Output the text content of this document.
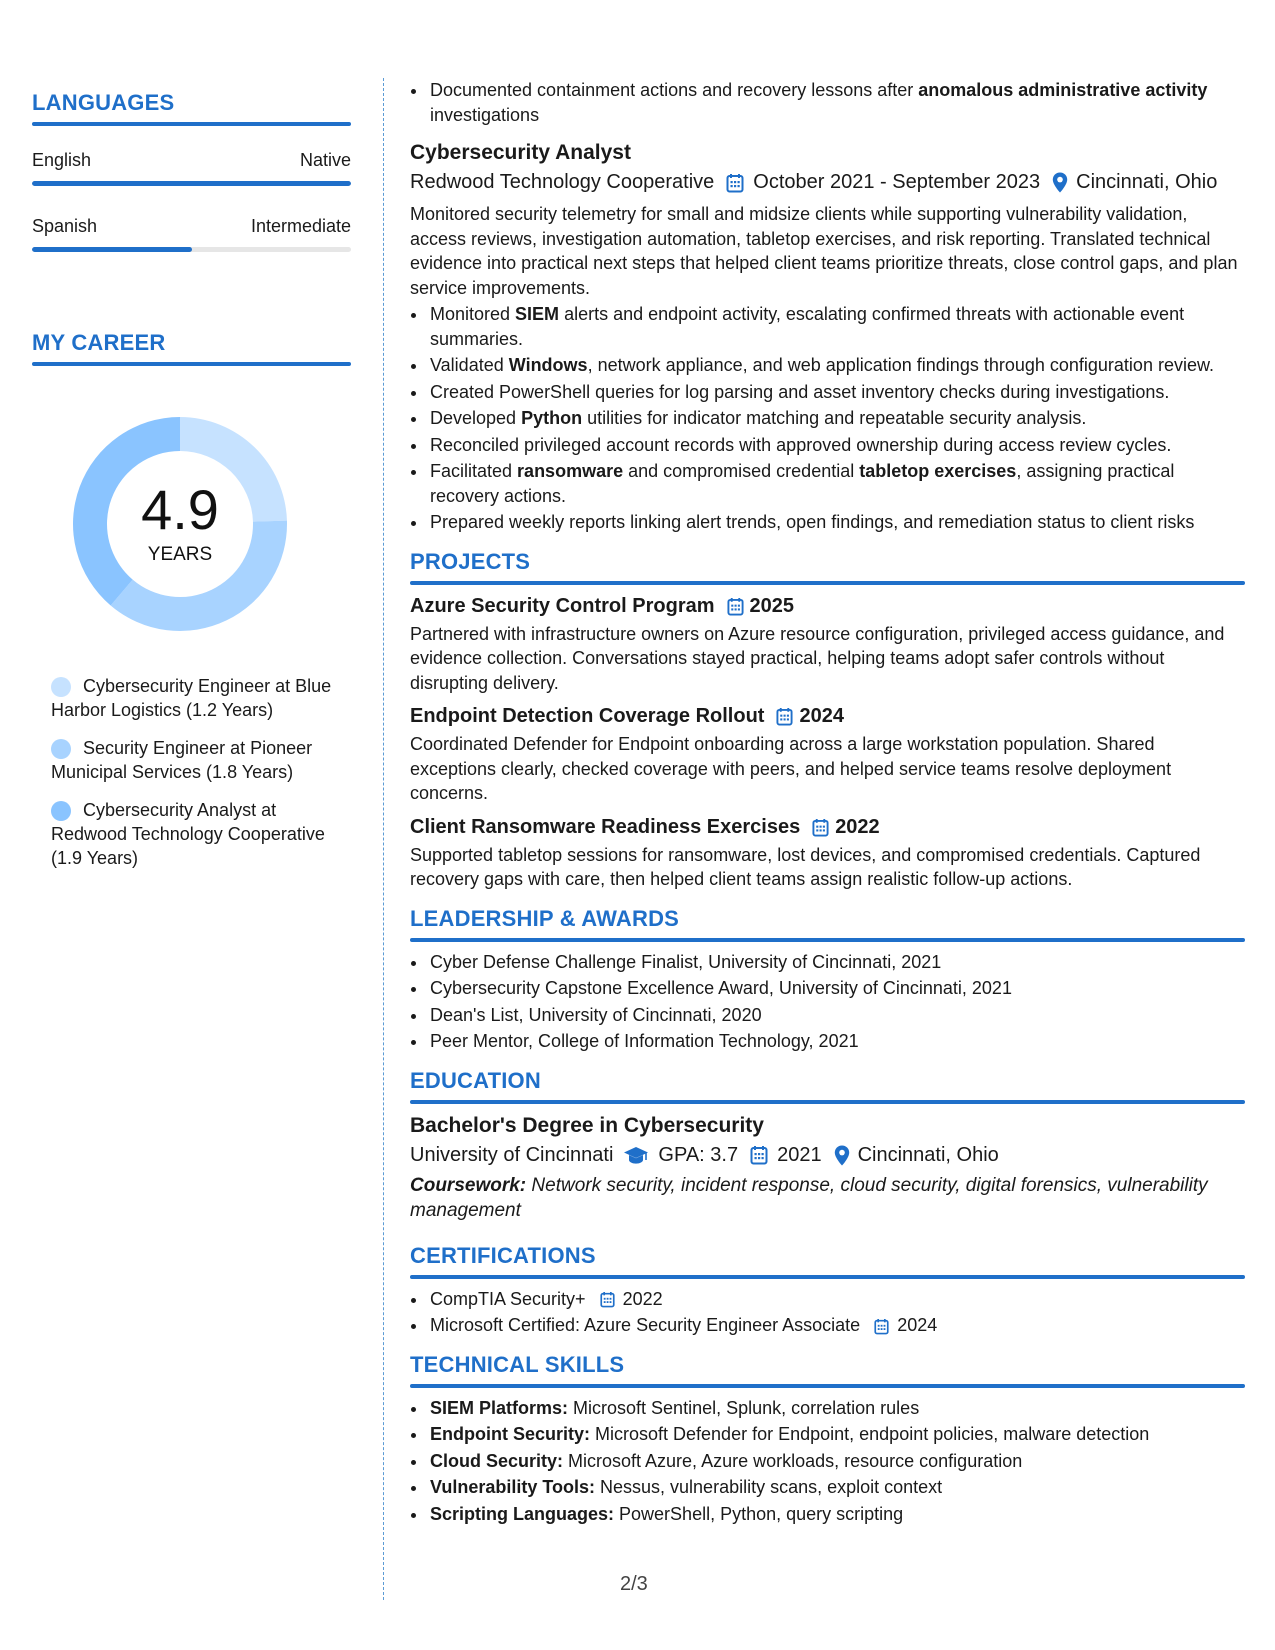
LANGUAGES
English	Native
Spanish	Intermediate
MY CAREER
4.9
YEARS
Cybersecurity Engineer at Blue Harbor Logistics (1.2 Years)
Security Engineer at Pioneer Municipal Services (1.8 Years)
Cybersecurity Analyst at Redwood Technology Cooperative (1.9 Years)
• Documented containment actions and recovery lessons after anomalous administrative activity investigations
Cybersecurity Analyst
Redwood Technology Cooperative October 2021 - September 2023 Cincinnati, Ohio
Monitored security telemetry for small and midsize clients while supporting vulnerability validation, access reviews, investigation automation, tabletop exercises, and risk reporting. Translated technical evidence into practical next steps that helped client teams prioritize threats, close control gaps, and plan service improvements.
• Monitored SIEM alerts and endpoint activity, escalating confirmed threats with actionable event summaries.
• Validated Windows, network appliance, and web application findings through configuration review.
• Created PowerShell queries for log parsing and asset inventory checks during investigations.
• Developed Python utilities for indicator matching and repeatable security analysis.
• Reconciled privileged account records with approved ownership during access review cycles.
• Facilitated ransomware and compromised credential tabletop exercises, assigning practical recovery actions.
• Prepared weekly reports linking alert trends, open findings, and remediation status to client risks
PROJECTS
Azure Security Control Program 2025
Partnered with infrastructure owners on Azure resource configuration, privileged access guidance, and evidence collection. Conversations stayed practical, helping teams adopt safer controls without disrupting delivery.
Endpoint Detection Coverage Rollout 2024
Coordinated Defender for Endpoint onboarding across a large workstation population. Shared exceptions clearly, checked coverage with peers, and helped service teams resolve deployment concerns.
Client Ransomware Readiness Exercises 2022
Supported tabletop sessions for ransomware, lost devices, and compromised credentials. Captured recovery gaps with care, then helped client teams assign realistic follow-up actions.
LEADERSHIP & AWARDS
• Cyber Defense Challenge Finalist, University of Cincinnati, 2021
• Cybersecurity Capstone Excellence Award, University of Cincinnati, 2021
• Dean's List, University of Cincinnati, 2020
• Peer Mentor, College of Information Technology, 2021
EDUCATION
Bachelor's Degree in Cybersecurity
University of Cincinnati GPA: 3.7 2021 Cincinnati, Ohio
Coursework: Network security, incident response, cloud security, digital forensics, vulnerability management
CERTIFICATIONS
• CompTIA Security+ 2022
• Microsoft Certified: Azure Security Engineer Associate 2024
TECHNICAL SKILLS
• SIEM Platforms: Microsoft Sentinel, Splunk, correlation rules
• Endpoint Security: Microsoft Defender for Endpoint, endpoint policies, malware detection
• Cloud Security: Microsoft Azure, Azure workloads, resource configuration
• Vulnerability Tools: Nessus, vulnerability scans, exploit context
• Scripting Languages: PowerShell, Python, query scripting
2/3
